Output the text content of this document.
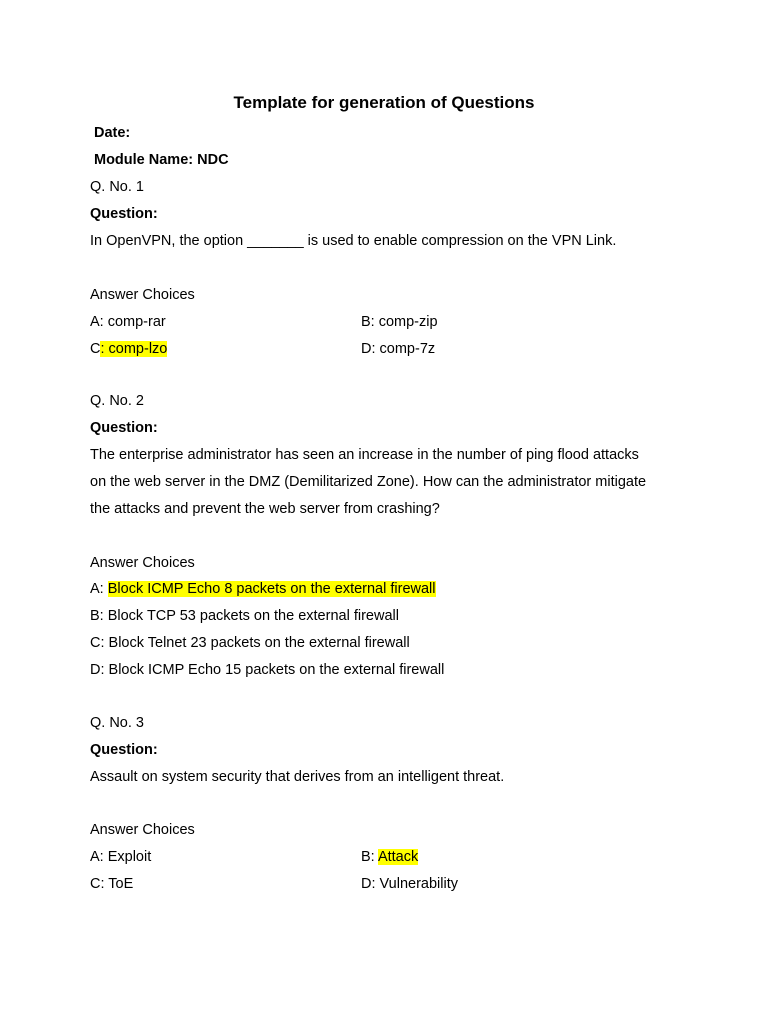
Template for generation of Questions
Date:
Module Name: NDC
Q. No. 1
Question:
In OpenVPN, the option _______ is used to enable compression on the VPN Link.
Answer Choices
A: comp-rar	B: comp-zip
C: comp-lzo	D: comp-7z
Q. No. 2
Question:
The enterprise administrator has seen an increase in the number of ping flood attacks
on the web server in the DMZ (Demilitarized Zone). How can the administrator mitigate
the attacks and prevent the web server from crashing?
Answer Choices
A: Block ICMP Echo 8 packets on the external firewall
B: Block TCP 53 packets on the external firewall
C: Block Telnet 23 packets on the external firewall
D: Block ICMP Echo 15 packets on the external firewall
Q. No. 3
Question:
Assault on system security that derives from an intelligent threat.
Answer Choices
A: Exploit	B: Attack
C: ToE	D: Vulnerability
